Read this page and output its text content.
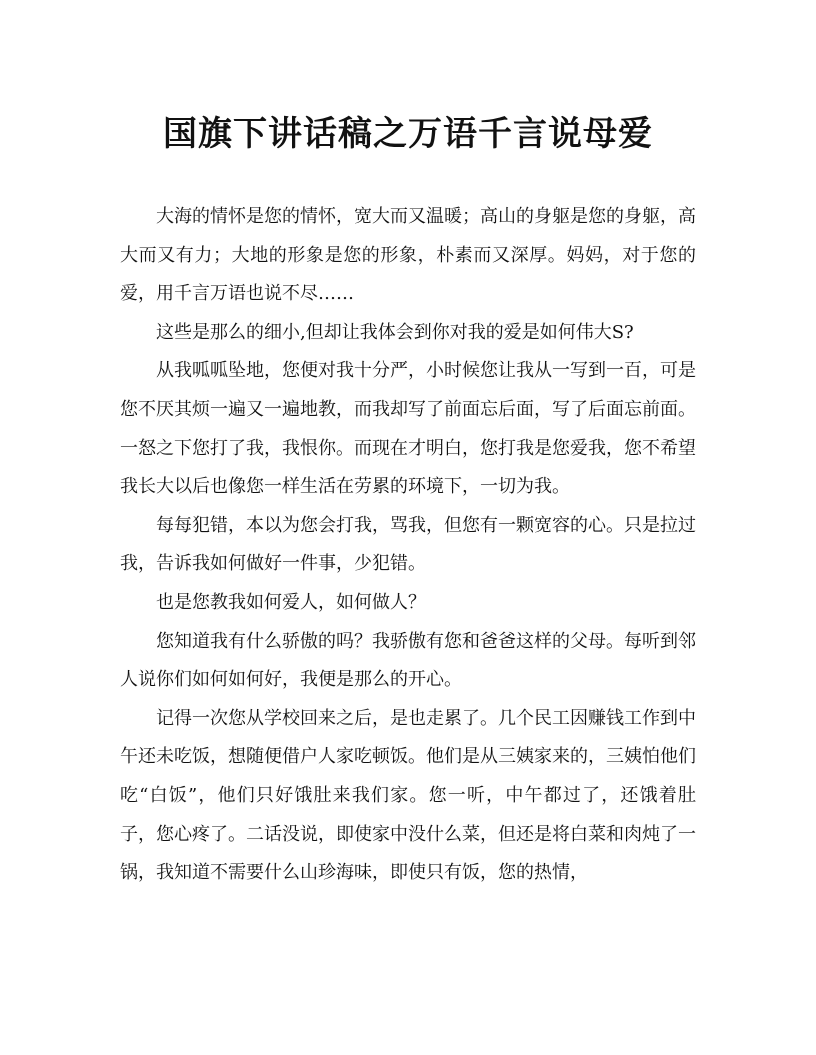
国旗下讲话稿之万语千言说母爱

大海的情怀是您的情怀，宽大而又温暖；高山的身躯是您的身躯，高大而又有力；大地的形象是您的形象，朴素而又深厚。妈妈，对于您的爱，用千言万语也说不尽……

这些是那么的细小,但却让我体会到你对我的爱是如何伟大S?

从我呱呱坠地，您便对我十分严，小时候您让我从一写到一百，可是您不厌其烦一遍又一遍地教，而我却写了前面忘后面，写了后面忘前面。一怒之下您打了我，我恨你。而现在才明白，您打我是您爱我，您不希望我长大以后也像您一样生活在劳累的环境下，一切为我。

每每犯错，本以为您会打我，骂我，但您有一颗宽容的心。只是拉过我，告诉我如何做好一件事，少犯错。

也是您教我如何爱人，如何做人？

您知道我有什么骄傲的吗？我骄傲有您和爸爸这样的父母。每听到邻人说你们如何如何好，我便是那么的开心。

记得一次您从学校回来之后，是也走累了。几个民工因赚钱工作到中午还未吃饭，想随便借户人家吃顿饭。他们是从三姨家来的，三姨怕他们吃“白饭”，他们只好饿肚来我们家。您一听，中午都过了，还饿着肚子，您心疼了。二话没说，即使家中没什么菜，但还是将白菜和肉炖了一锅，我知道不需要什么山珍海味，即使只有饭，您的热情，
